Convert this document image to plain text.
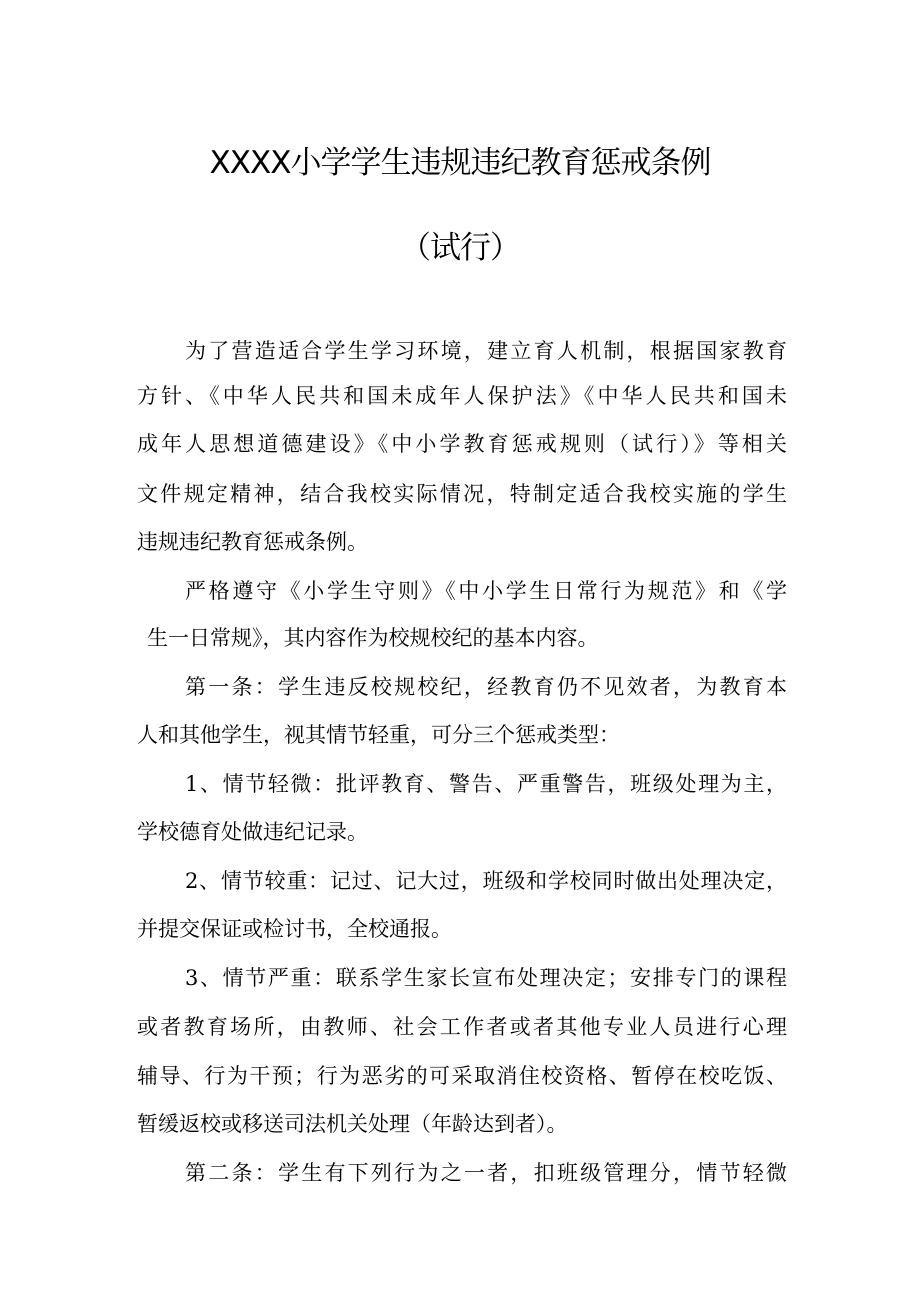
XXXX小学学生违规违纪教育惩戒条例
（试行）
为了营造适合学生学习环境，建立育人机制，根据国家教育
方针、《中华人民共和国未成年人保护法》《中华人民共和国未
成年人思想道德建设》《中小学教育惩戒规则（试行）》等相关
文件规定精神，结合我校实际情况，特制定适合我校实施的学生
违规违纪教育惩戒条例。
严格遵守《小学生守则》《中小学生日常行为规范》和《学
生一日常规》，其内容作为校规校纪的基本内容。
第一条：学生违反校规校纪，经教育仍不见效者，为教育本
人和其他学生，视其情节轻重，可分三个惩戒类型：
1、情节轻微：批评教育、警告、严重警告，班级处理为主，
学校德育处做违纪记录。
2、情节较重：记过、记大过，班级和学校同时做出处理决定，
并提交保证或检讨书，全校通报。
3、情节严重：联系学生家长宣布处理决定；安排专门的课程
或者教育场所，由教师、社会工作者或者其他专业人员进行心理
辅导、行为干预；行为恶劣的可采取消住校资格、暂停在校吃饭、
暂缓返校或移送司法机关处理（年龄达到者）。
第二条：学生有下列行为之一者，扣班级管理分，情节轻微
